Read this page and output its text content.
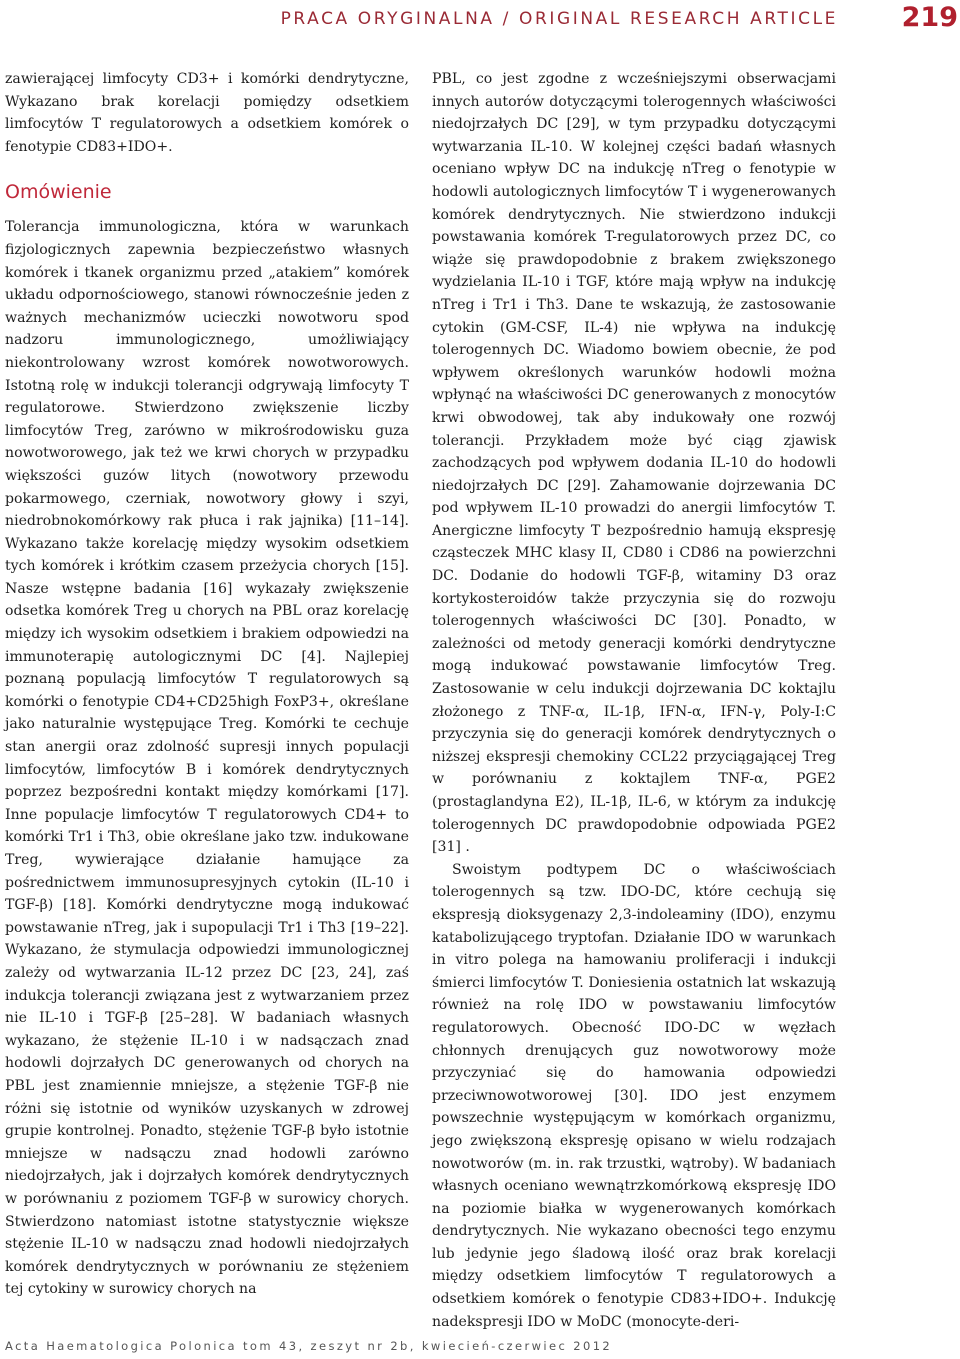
PRACA ORYGINALNA / ORIGINAL RESEARCH ARTICLE 219

zawierającej limfocyty CD3+ i komórki dendrytyczne, Wykazano brak korelacji pomiędzy odsetkiem limfocytów T regulatorowych a odsetkiem komórek o fenotypie CD83+IDO+.

Omówienie

Tolerancja immunologiczna, która w warunkach fizjologicznych zapewnia bezpieczeństwo własnych komórek i tkanek organizmu przed „atakiem” komórek układu odpornościowego, stanowi równocześnie jeden z ważnych mechanizmów ucieczki nowotworu spod nadzoru immunologicznego, umożliwiający niekontrolowany wzrost komórek nowotworowych. Istotną rolę w indukcji tolerancji odgrywają limfocyty T regulatorowe. Stwierdzono zwiększenie liczby limfocytów Treg, zarówno w mikrośrodowisku guza nowotworowego, jak też we krwi chorych w przypadku większości guzów litych (nowotwory przewodu pokarmowego, czerniak, nowotwory głowy i szyi, niedrobnokomórkowy rak płuca i rak jajnika) [11–14]. Wykazano także korelację między wysokim odsetkiem tych komórek i krótkim czasem przeżycia chorych [15]. Nasze wstępne badania [16] wykazały zwiększenie odsetka komórek Treg u chorych na PBL oraz korelację między ich wysokim odsetkiem i brakiem odpowiedzi na immunoterapię autologicznymi DC [4]. Najlepiej poznaną populacją limfocytów T regulatorowych są komórki o fenotypie CD4+CD25high FoxP3+, określane jako naturalnie występujące Treg. Komórki te cechuje stan anergii oraz zdolność supresji innych populacji limfocytów, limfocytów B i komórek dendrytycznych poprzez bezpośredni kontakt między komórkami [17]. Inne populacje limfocytów T regulatorowych CD4+ to komórki Tr1 i Th3, obie określane jako tzw. indukowane Treg, wywierające działanie hamujące za pośrednictwem immunosupresyjnych cytokin (IL-10 i TGF-β) [18]. Komórki dendrytyczne mogą indukować powstawanie nTreg, jak i supopulacji Tr1 i Th3 [19–22]. Wykazano, że stymulacja odpowiedzi immunologicznej zależy od wytwarzania IL-12 przez DC [23, 24], zaś indukcja tolerancji związana jest z wytwarzaniem przez nie IL-10 i TGF-β [25–28]. W badaniach własnych wykazano, że stężenie IL-10 i w nadsączach znad hodowli dojrzałych DC generowanych od chorych na PBL jest znamiennie mniejsze, a stężenie TGF-β nie różni się istotnie od wyników uzyskanych w zdrowej grupie kontrolnej. Ponadto, stężenie TGF-β było istotnie mniejsze w nadsączu znad hodowli zarówno niedojrzałych, jak i dojrzałych komórek dendrytycznych w porównaniu z poziomem TGF-β w surowicy chorych. Stwierdzono natomiast istotne statystycznie większe stężenie IL-10 w nadsączu znad hodowli niedojrzałych komórek dendrytycznych w porównaniu ze stężeniem tej cytokiny w surowicy chorych na

PBL, co jest zgodne z wcześniejszymi obserwacjami innych autorów dotyczącymi tolerogennych właściwości niedojrzałych DC [29], w tym przypadku dotyczącymi wytwarzania IL-10. W kolejnej części badań własnych oceniano wpływ DC na indukcję nTreg o fenotypie w hodowli autologicznych limfocytów T i wygenerowanych komórek dendrytycznych. Nie stwierdzono indukcji powstawania komórek T-regulatorowych przez DC, co wiąże się prawdopodobnie z brakem zwiększonego wydzielania IL-10 i TGF, które mają wpływ na indukcję nTreg i Tr1 i Th3. Dane te wskazują, że zastosowanie cytokin (GM-CSF, IL-4) nie wpływa na indukcję tolerogennych DC. Wiadomo bowiem obecnie, że pod wpływem określonych warunków hodowli można wpłynąć na właściwości DC generowanych z monocytów krwi obwodowej, tak aby indukowały one rozwój tolerancji. Przykładem może być ciąg zjawisk zachodzących pod wpływem dodania IL-10 do hodowli niedojrzałych DC [29]. Zahamowanie dojrzewania DC pod wpływem IL-10 prowadzi do anergii limfocytów T. Anergiczne limfocyty T bezpośrednio hamują ekspresję cząsteczek MHC klasy II, CD80 i CD86 na powierzchni DC. Dodanie do hodowli TGF-β, witaminy D3 oraz kortykosteroidów także przyczynia się do rozwoju tolerogennych właściwości DC [30]. Ponadto, w zależności od metody generacji komórki dendrytyczne mogą indukować powstawanie limfocytów Treg. Zastosowanie w celu indukcji dojrzewania DC koktajlu złożonego z TNF-α, IL-1β, IFN-α, IFN-γ, Poly-I:C przyczynia się do generacji komórek dendrytycznych o niższej ekspresji chemokiny CCL22 przyciągającej Treg w porównaniu z koktajlem TNF-α, PGE2 (prostaglandyna E2), IL-1β, IL-6, w którym za indukcję tolerogennych DC prawdopodobnie odpowiada PGE2 [31] .

Swoistym podtypem DC o właściwościach tolerogennych są tzw. IDO-DC, które cechują się ekspresją dioksygenazy 2,3-indoleaminy (IDO), enzymu katabolizującego tryptofan. Działanie IDO w warunkach in vitro polega na hamowaniu proliferacji i indukcji śmierci limfocytów T. Doniesienia ostatnich lat wskazują również na rolę IDO w powstawaniu limfocytów regulatorowych. Obecność IDO-DC w węzłach chłonnych drenujących guz nowotworowy może przyczyniać się do hamowania odpowiedzi przeciwnowotworowej [30]. IDO jest enzymem powszechnie występującym w komórkach organizmu, jego zwiększoną ekspresję opisano w wielu rodzajach nowotworów (m. in. rak trzustki, wątroby). W badaniach własnych oceniano wewnątrzkomórkową ekspresję IDO na poziomie białka w wygenerowanych komórkach dendrytycznych. Nie wykazano obecności tego enzymu lub jedynie jego śladową ilość oraz brak korelacji między odsetkiem limfocytów T regulatorowych a odsetkiem komórek o fenotypie CD83+IDO+. Indukcję nadekspresji IDO w MoDC (monocyte-deri-

Acta Haematologica Polonica tom 43, zeszyt nr 2b, kwiecień-czerwiec 2012
